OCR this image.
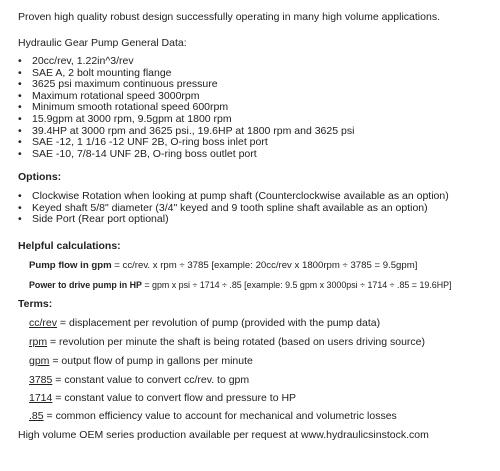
Proven high quality robust design successfully operating in many high volume applications.
Hydraulic Gear Pump General Data:
• 20cc/rev, 1.22in^3/rev
• SAE A, 2 bolt mounting flange
• 3625 psi maximum continuous pressure
• Maximum rotational speed 3000rpm
• Minimum smooth rotational speed 600rpm
• 15.9gpm at 3000 rpm, 9.5gpm at 1800 rpm
• 39.4HP at 3000 rpm and 3625 psi., 19.6HP at 1800 rpm and 3625 psi
• SAE -12, 1 1/16 -12 UNF 2B, O-ring boss inlet port
• SAE -10, 7/8-14 UNF 2B, O-ring boss outlet port
Options:
• Clockwise Rotation when looking at pump shaft (Counterclockwise available as an option)
• Keyed shaft 5/8" diameter (3/4" keyed and 9 tooth spline shaft available as an option)
• Side Port (Rear port optional)
Helpful calculations:
Pump flow in gpm = cc/rev. x rpm ÷ 3785 [example: 20cc/rev x 1800rpm ÷ 3785 = 9.5gpm]
Power to drive pump in HP = gpm x psi ÷ 1714 ÷ .85 [example: 9.5 gpm x 3000psi ÷ 1714 ÷ .85 = 19.6HP]
Terms:
cc/rev = displacement per revolution of pump (provided with the pump data)
rpm = revolution per minute the shaft is being rotated (based on users driving source)
gpm = output flow of pump in gallons per minute
3785 = constant value to convert cc/rev. to gpm
1714 = constant value to convert flow and pressure to HP
.85 = common efficiency value to account for mechanical and volumetric losses
High volume OEM series production available per request at www.hydraulicsinstock.com
